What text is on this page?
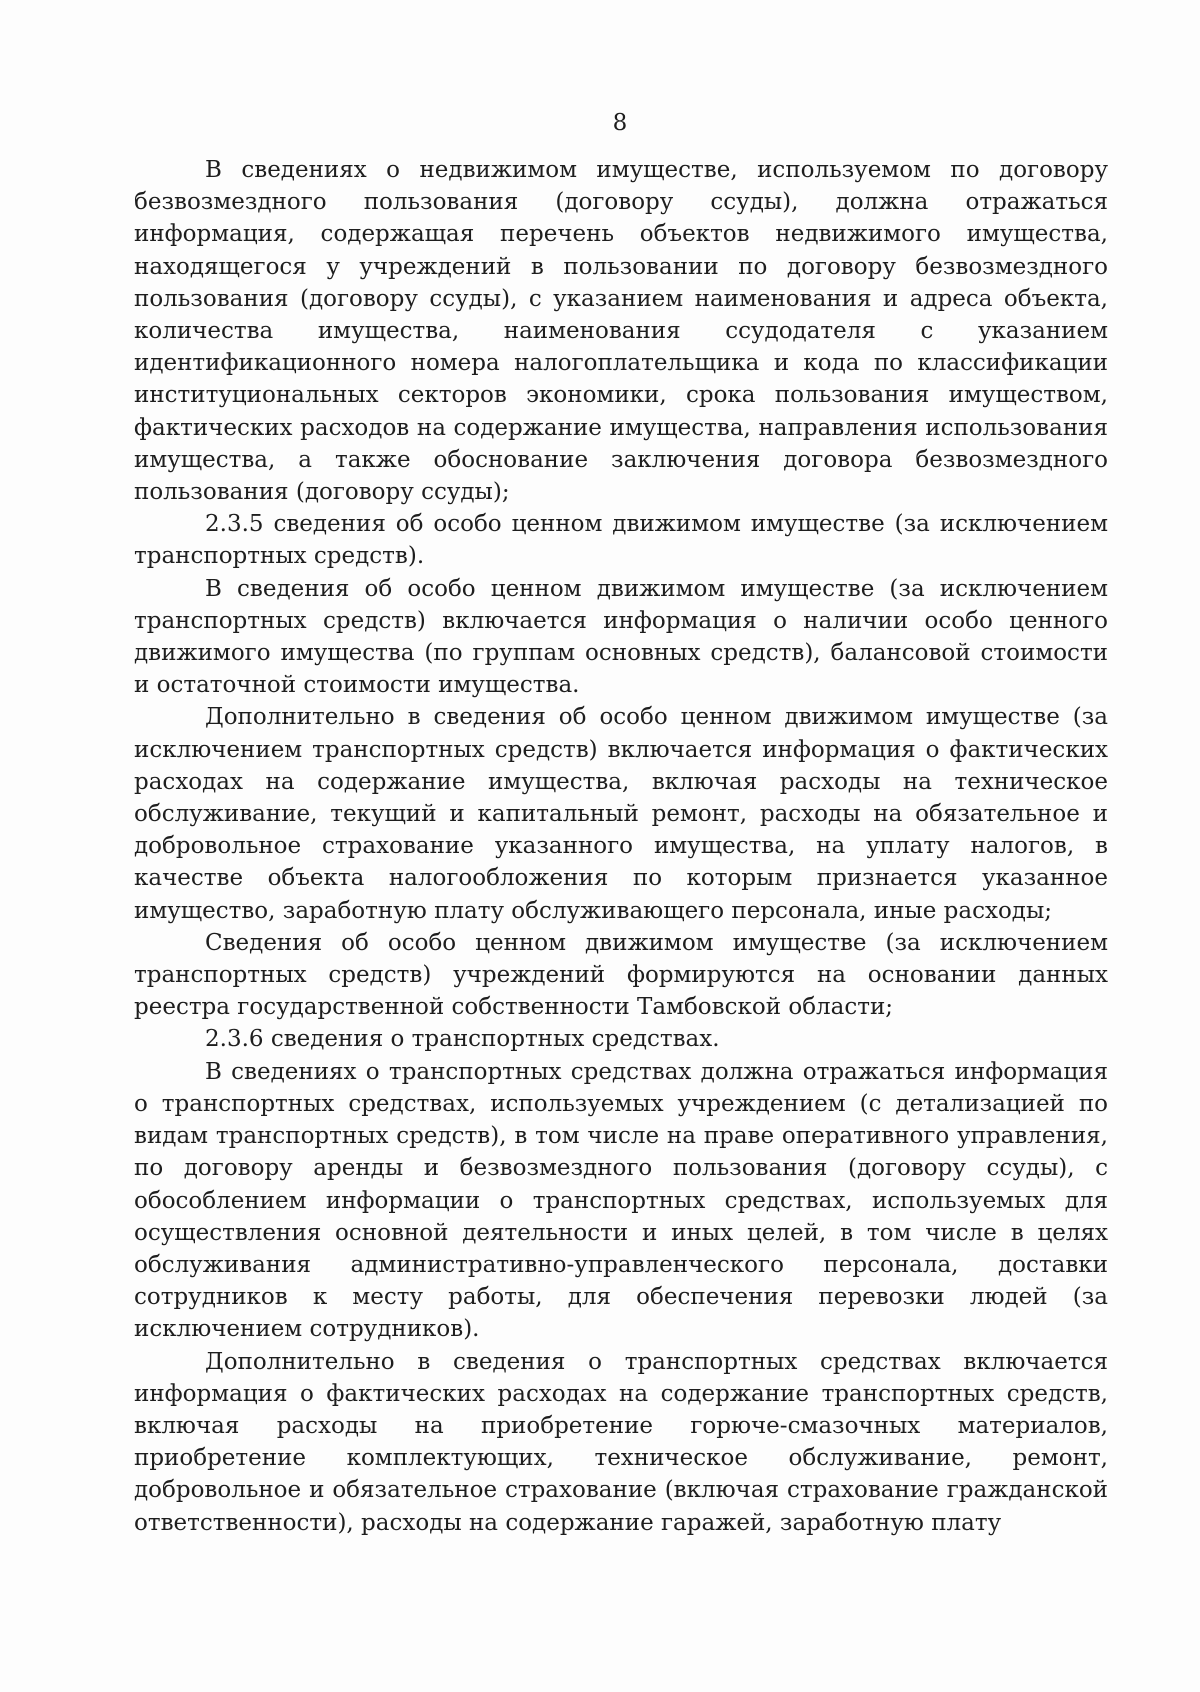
8

В сведениях о недвижимом имуществе, используемом по договору безвозмездного пользования (договору ссуды), должна отражаться информация, содержащая перечень объектов недвижимого имущества, находящегося у учреждений в пользовании по договору безвозмездного пользования (договору ссуды), с указанием наименования и адреса объекта, количества имущества, наименования ссудодателя с указанием идентификационного номера налогоплательщика и кода по классификации институциональных секторов экономики, срока пользования имуществом, фактических расходов на содержание имущества, направления использования имущества, а также обоснование заключения договора безвозмездного пользования (договору ссуды);

2.3.5 сведения об особо ценном движимом имуществе (за исключением транспортных средств).

В сведения об особо ценном движимом имуществе (за исключением транспортных средств) включается информация о наличии особо ценного движимого имущества (по группам основных средств), балансовой стоимости и остаточной стоимости имущества.

Дополнительно в сведения об особо ценном движимом имуществе (за исключением транспортных средств) включается информация о фактических расходах на содержание имущества, включая расходы на техническое обслуживание, текущий и капитальный ремонт, расходы на обязательное и добровольное страхование указанного имущества, на уплату налогов, в качестве объекта налогообложения по которым признается указанное имущество, заработную плату обслуживающего персонала, иные расходы;

Сведения об особо ценном движимом имуществе (за исключением транспортных средств) учреждений формируются на основании данных реестра государственной собственности Тамбовской области;

2.3.6 сведения о транспортных средствах.

В сведениях о транспортных средствах должна отражаться информация о транспортных средствах, используемых учреждением (с детализацией по видам транспортных средств), в том числе на праве оперативного управления, по договору аренды и безвозмездного пользования (договору ссуды), с обособлением информации о транспортных средствах, используемых для осуществления основной деятельности и иных целей, в том числе в целях обслуживания административно-управленческого персонала, доставки сотрудников к месту работы, для обеспечения перевозки людей (за исключением сотрудников).

Дополнительно в сведения о транспортных средствах включается информация о фактических расходах на содержание транспортных средств, включая расходы на приобретение горюче-смазочных материалов, приобретение комплектующих, техническое обслуживание, ремонт, добровольное и обязательное страхование (включая страхование гражданской ответственности), расходы на содержание гаражей, заработную плату
